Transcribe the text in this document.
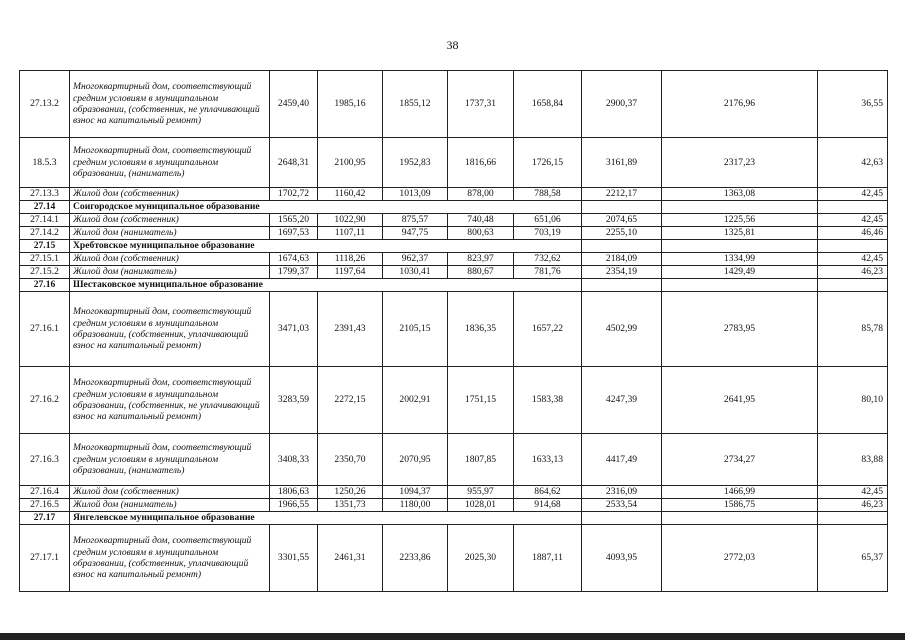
38
27.13.2	Многоквартирный дом, соответствующий средним условиям в муниципальном образовании, (собственник, не уплачивающий взнос на капитальный ремонт)	2459,40	1985,16	1855,12	1737,31	1658,84	2900,37	2176,96	36,55
18.5.3	Многоквартирный дом, соответствующий средним условиям в муниципальном образовании, (наниматель)	2648,31	2100,95	1952,83	1816,66	1726,15	3161,89	2317,23	42,63
27.13.3	Жилой дом (собственник)	1702,72	1160,42	1013,09	878,00	788,58	2212,17	1363,08	42,45
27.14	Соигородское муниципальное образование								
27.14.1	Жилой дом (собственник)	1565,20	1022,90	875,57	740,48	651,06	2074,65	1225,56	42,45
27.14.2	Жилой дом (наниматель)	1697,53	1107,11	947,75	800,63	703,19	2255,10	1325,81	46,46
27.15	Хребтовское муниципальное образование								
27.15.1	Жилой дом (собственник)	1674,63	1118,26	962,37	823,97	732,62	2184,09	1334,99	42,45
27.15.2	Жилой дом (наниматель)	1799,37	1197,64	1030,41	880,67	781,76	2354,19	1429,49	46,23
27.16	Шестаковское муниципальное образование								
27.16.1	Многоквартирный дом, соответствующий средним условиям в муниципальном образовании, (собственник, уплачивающий взнос на капитальный ремонт)	3471,03	2391,43	2105,15	1836,35	1657,22	4502,99	2783,95	85,78
27.16.2	Многоквартирный дом, соответствующий средним условиям в муниципальном образовании, (собственник, не уплачивающий взнос на капитальный ремонт)	3283,59	2272,15	2002,91	1751,15	1583,38	4247,39	2641,95	80,10
27.16.3	Многоквартирный дом, соответствующий средним условиям в муниципальном образовании, (наниматель)	3408,33	2350,70	2070,95	1807,85	1633,13	4417,49	2734,27	83,88
27.16.4	Жилой дом (собственник)	1806,63	1250,26	1094,37	955,97	864,62	2316,09	1466,99	42,45
27.16.5	Жилой дом (наниматель)	1966,55	1351,73	1180,00	1028,01	914,68	2533,54	1586,75	46,23
27.17	Янгелевское муниципальное образование								
27.17.1	Многоквартирный дом, соответствующий средним условиям в муниципальном образовании, (собственник, уплачивающий взнос на капитальный ремонт)	3301,55	2461,31	2233,86	2025,30	1887,11	4093,95	2772,03	65,37
